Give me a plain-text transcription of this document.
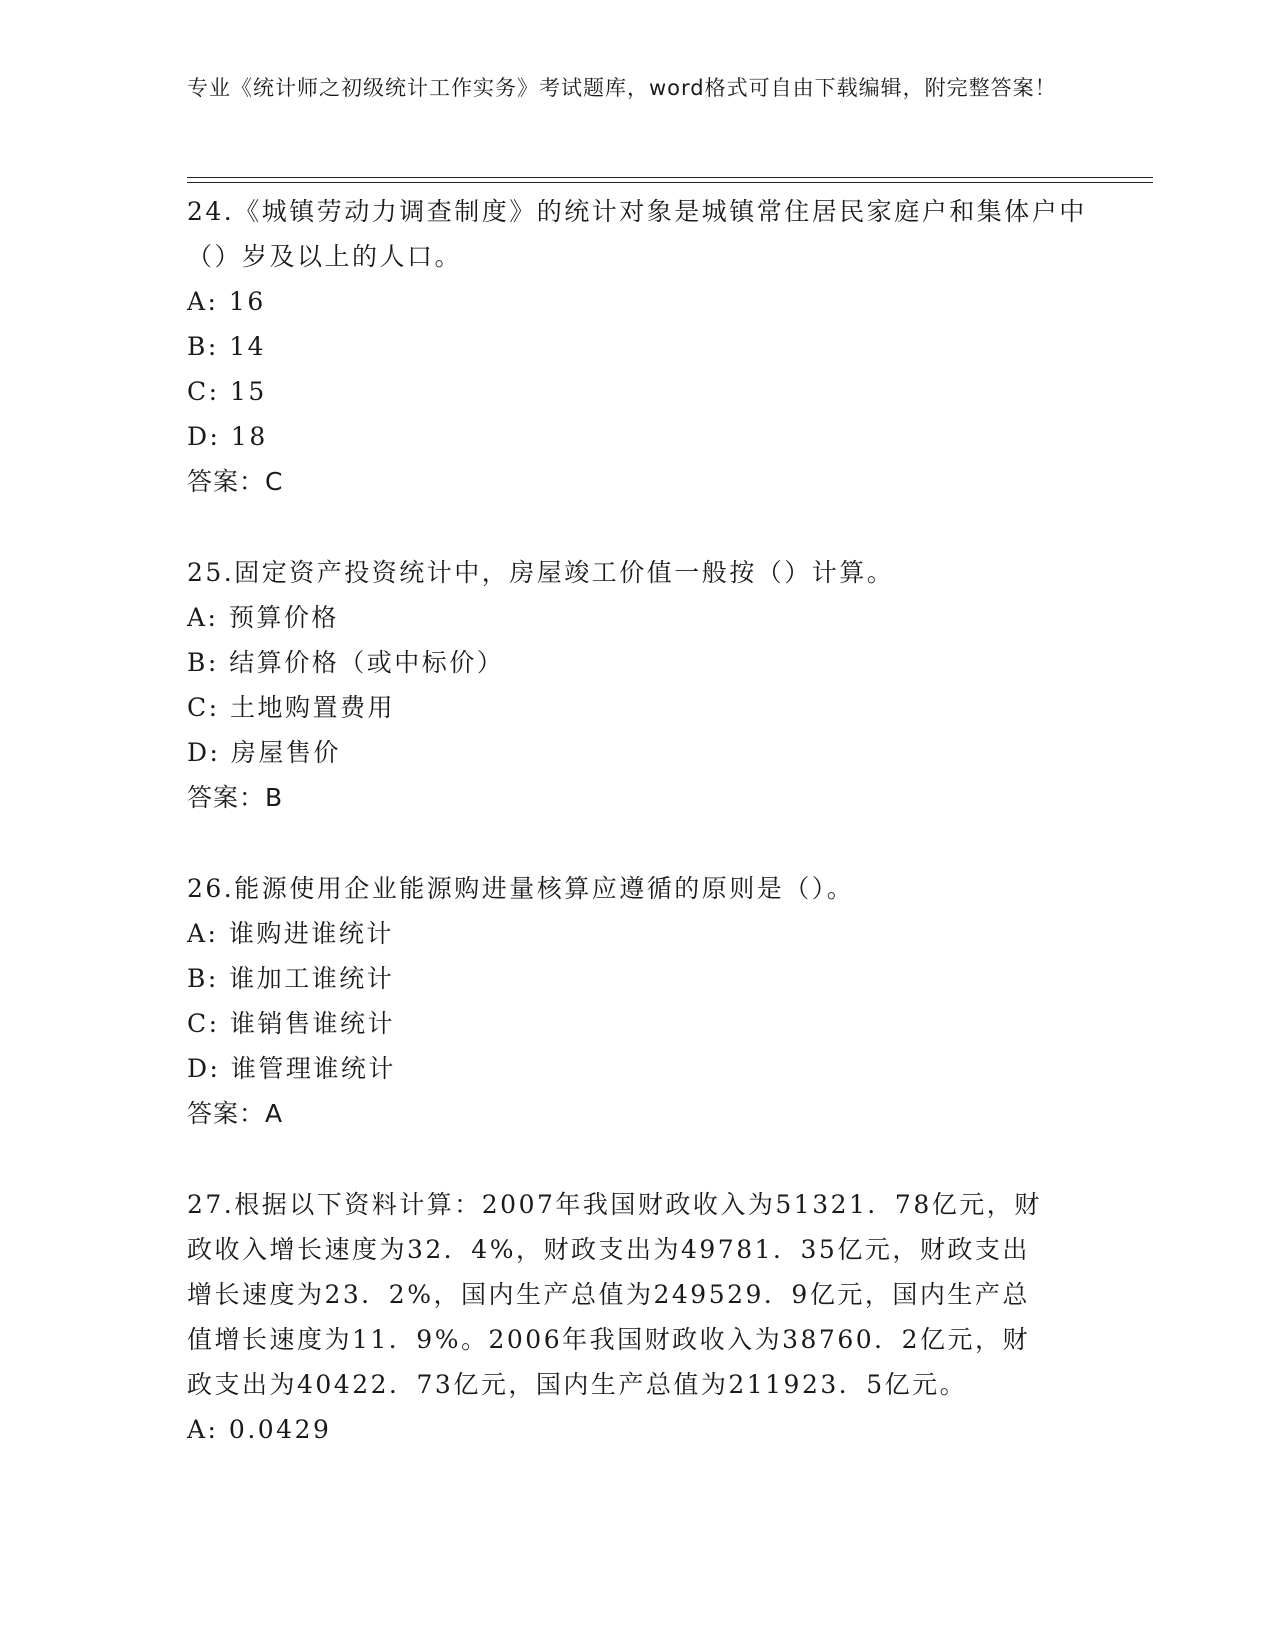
专业《统计师之初级统计工作实务》考试题库，word格式可自由下载编辑，附完整答案！

24.《城镇劳动力调查制度》的统计对象是城镇常住居民家庭户和集体户中（）岁及以上的人口。

A: 16

B: 14

C: 15

D: 18

答案：C

25.固定资产投资统计中，房屋竣工价值一般按（）计算。

A: 预算价格

B: 结算价格（或中标价）

C: 土地购置费用

D: 房屋售价

答案：B

26.能源使用企业能源购进量核算应遵循的原则是（）。

A: 谁购进谁统计

B: 谁加工谁统计

C: 谁销售谁统计

D: 谁管理谁统计

答案：A

27.根据以下资料计算：2007年我国财政收入为51321．78亿元，财政收入增长速度为32．4%，财政支出为49781．35亿元，财政支出增长速度为23．2%，国内生产总值为249529．9亿元，国内生产总值增长速度为11．9%。2006年我国财政收入为38760．2亿元，财政支出为40422．73亿元，国内生产总值为211923．5亿元。

A: 0.0429
